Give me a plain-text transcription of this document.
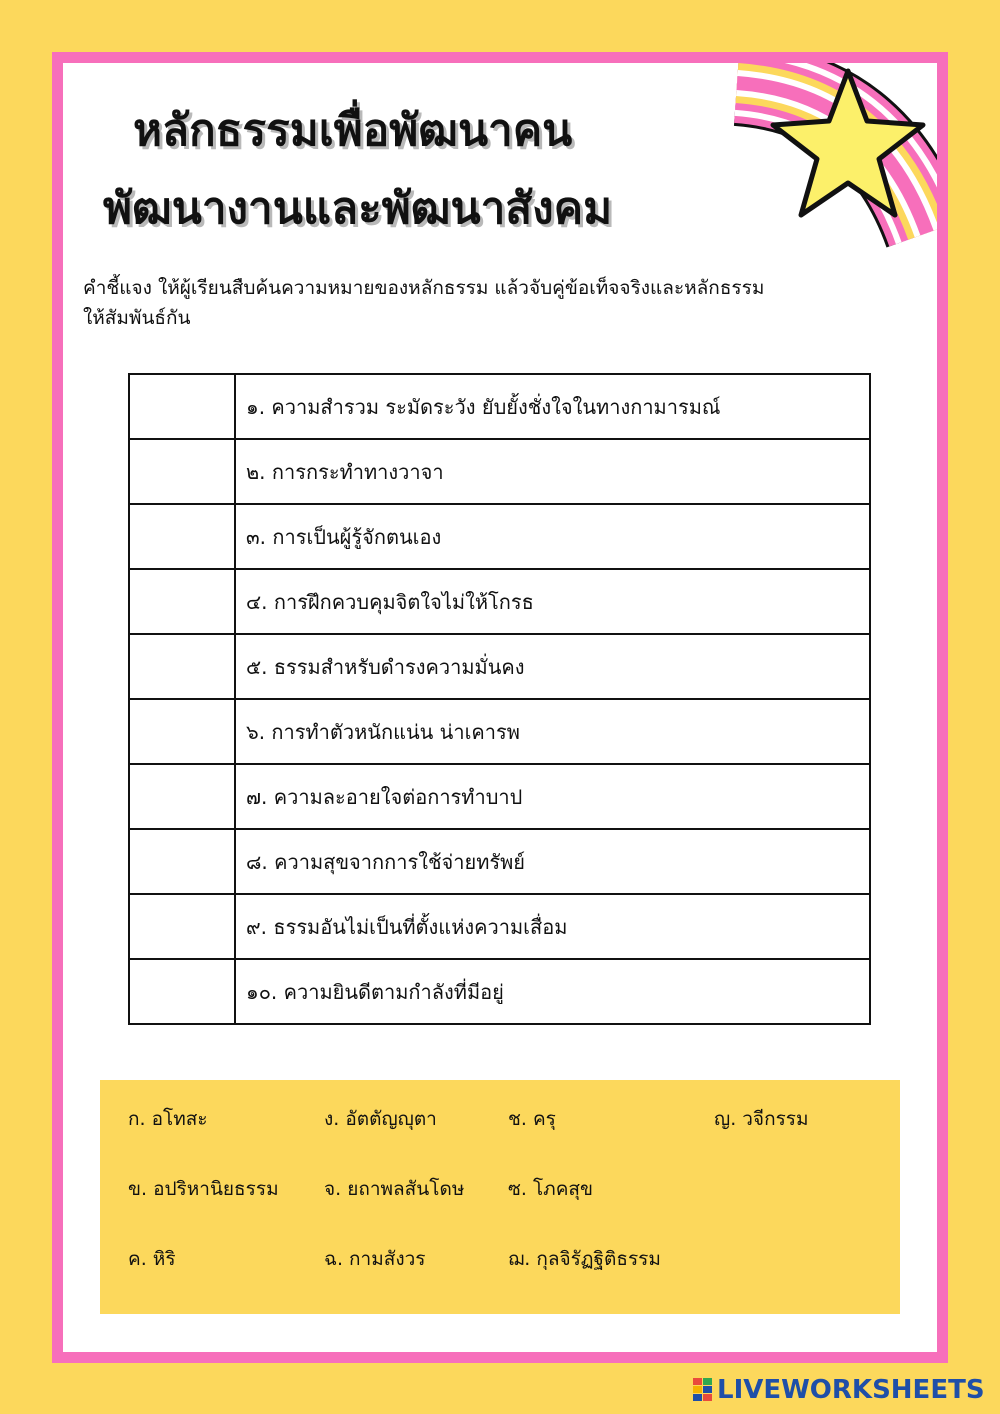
หลักธรรมเพื่อพัฒนาคน
พัฒนางานและพัฒนาสังคม
คำชี้แจง ให้ผู้เรียนสืบค้นความหมายของหลักธรรม แล้วจับคู่ข้อเท็จจริงและหลักธรรม
ให้สัมพันธ์กัน
	๑. ความสำรวม ระมัดระวัง ยับยั้งชั่งใจในทางกามารมณ์
	๒. การกระทำทางวาจา
	๓. การเป็นผู้รู้จักตนเอง
	๔. การฝึกควบคุมจิตใจไม่ให้โกรธ
	๕. ธรรมสำหรับดำรงความมั่นคง
	๖. การทำตัวหนักแน่น น่าเคารพ
	๗. ความละอายใจต่อการทำบาป
	๘. ความสุขจากการใช้จ่ายทรัพย์
	๙. ธรรมอันไม่เป็นที่ตั้งแห่งความเสื่อม
	๑๐. ความยินดีตามกำลังที่มีอยู่
ก. อโทสะ
ข. อปริหานิยธรรม
ค. หิริ
ง. อัตตัญญุตา
จ. ยถาพลสันโดษ
ฉ. กามสังวร
ช. ครุ
ซ. โภคสุข
ฌ. กุลจิรัฏฐิติธรรม
ญ. วจีกรรม
LIVEWORKSHEETS
